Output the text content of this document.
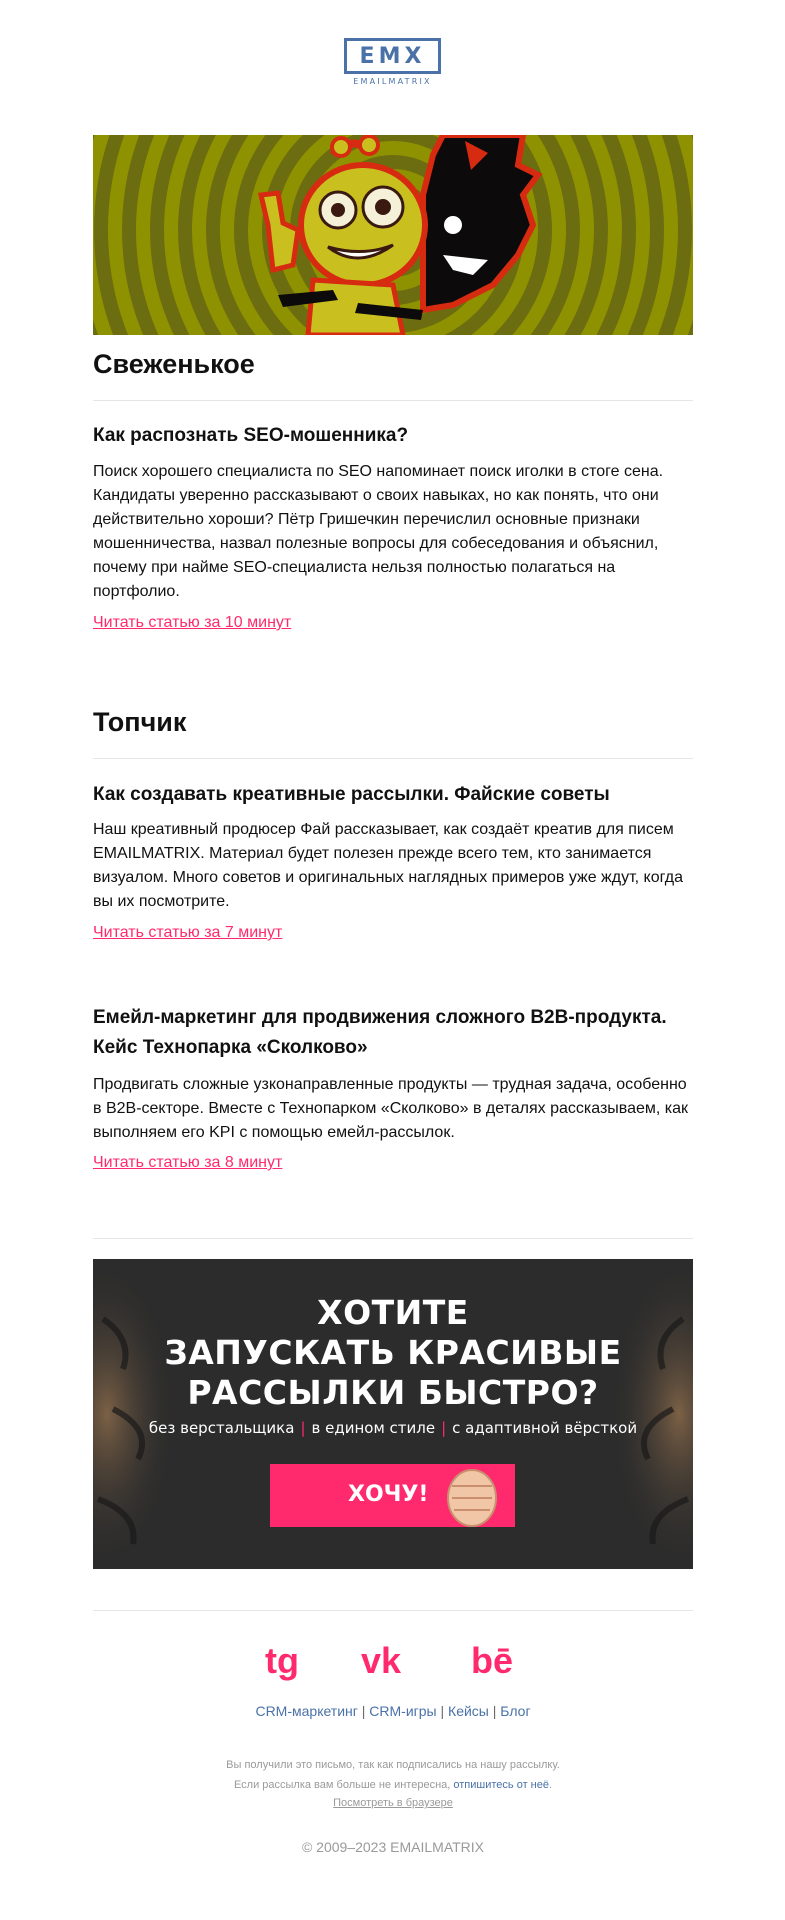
EMX
EMAILMATRIX
Свеженькое
Как распознать SEO-мошенника?

Поиск хорошего специалиста по SEO напоминает поиск иголки в стоге сена. Кандидаты уверенно рассказывают о своих навыках, но как понять, что они действительно хороши? Пётр Гришечкин перечислил основные признаки мошенничества, назвал полезные вопросы для собеседования и объяснил, почему при найме SEO-специалиста нельзя полностью полагаться на портфолио.

Читать статью за 10 минут
Топчик
Как создавать креативные рассылки. Файские советы

Наш креативный продюсер Фай рассказывает, как создаёт креатив для писем EMAILMATRIX. Материал будет полезен прежде всего тем, кто занимается визуалом. Много советов и оригинальных наглядных примеров уже ждут, когда вы их посмотрите.

Читать статью за 7 минут
Емейл-маркетинг для продвижения сложного B2B-продукта. Кейс Технопарка «Сколково»

Продвигать сложные узконаправленные продукты — трудная задача, особенно в B2B-секторе. Вместе с Технопарком «Сколково» в деталях рассказываем, как выполняем его KPI с помощью емейл-рассылок.

Читать статью за 8 минут
ХОТИТЕ
ЗАПУСКАТЬ КРАСИВЫЕ
РАССЫЛКИ БЫСТРО?
без верстальщика | в едином стиле | с адаптивной вёрсткой
ХОЧУ!
tg vk bē
CRM-маркетинг | CRM-игры | Кейсы | Блог
Вы получили это письмо, так как подписались на нашу рассылку.
Если рассылка вам больше не интересна, отпишитесь от неё.
Посмотреть в браузере
© 2009–2023 EMAILMATRIX
